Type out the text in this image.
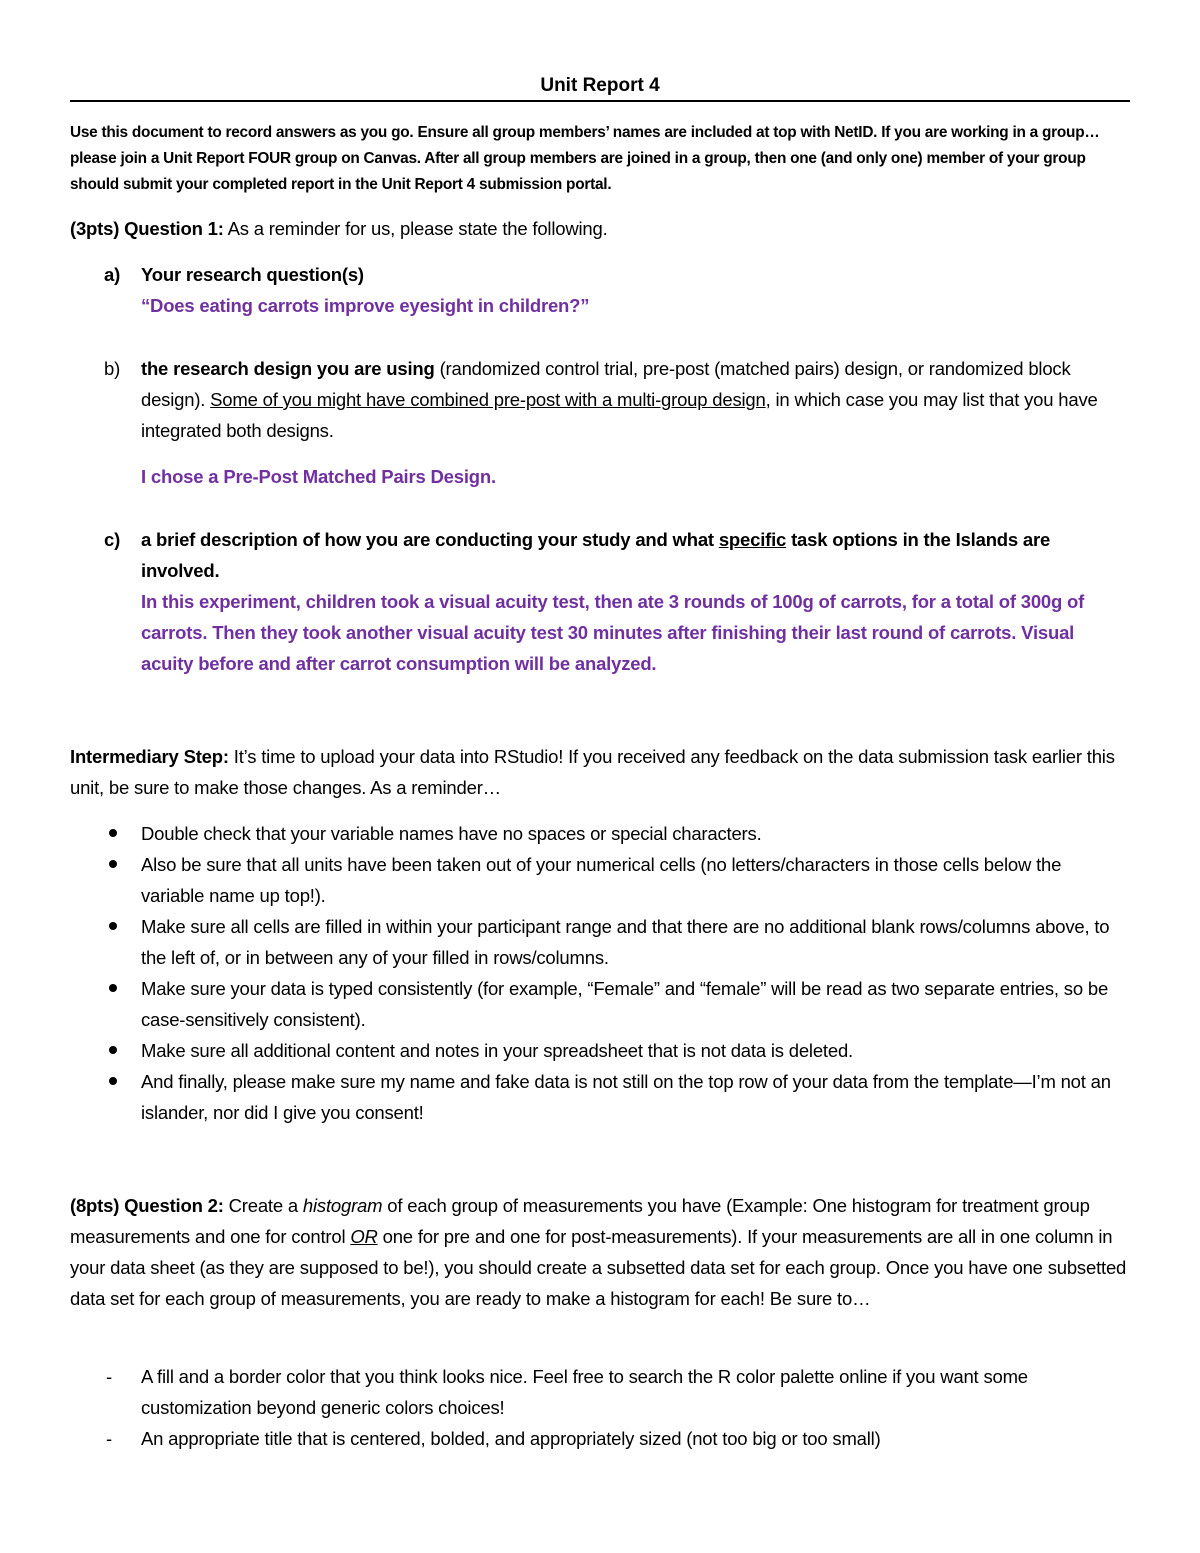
Unit Report 4
Use this document to record answers as you go. Ensure all group members’ names are included at top with NetID. If you are working in a group…please join a Unit Report FOUR group on Canvas. After all group members are joined in a group, then one (and only one) member of your group should submit your completed report in the Unit Report 4 submission portal.
(3pts) Question 1: As a reminder for us, please state the following.
a) Your research question(s)
“Does eating carrots improve eyesight in children?”
b) the research design you are using (randomized control trial, pre-post (matched pairs) design, or randomized block design). Some of you might have combined pre-post with a multi-group design, in which case you may list that you have integrated both designs.
I chose a Pre-Post Matched Pairs Design.
c) a brief description of how you are conducting your study and what specific task options in the Islands are involved.
In this experiment, children took a visual acuity test, then ate 3 rounds of 100g of carrots, for a total of 300g of carrots. Then they took another visual acuity test 30 minutes after finishing their last round of carrots. Visual acuity before and after carrot consumption will be analyzed.
Intermediary Step: It’s time to upload your data into RStudio! If you received any feedback on the data submission task earlier this unit, be sure to make those changes. As a reminder…
Double check that your variable names have no spaces or special characters.
Also be sure that all units have been taken out of your numerical cells (no letters/characters in those cells below the variable name up top!).
Make sure all cells are filled in within your participant range and that there are no additional blank rows/columns above, to the left of, or in between any of your filled in rows/columns.
Make sure your data is typed consistently (for example, “Female” and “female” will be read as two separate entries, so be case-sensitively consistent).
Make sure all additional content and notes in your spreadsheet that is not data is deleted.
And finally, please make sure my name and fake data is not still on the top row of your data from the template—I’m not an islander, nor did I give you consent!
(8pts) Question 2: Create a histogram of each group of measurements you have (Example: One histogram for treatment group measurements and one for control OR one for pre and one for post-measurements). If your measurements are all in one column in your data sheet (as they are supposed to be!), you should create a subsetted data set for each group. Once you have one subsetted data set for each group of measurements, you are ready to make a histogram for each! Be sure to…
- A fill and a border color that you think looks nice. Feel free to search the R color palette online if you want some customization beyond generic colors choices!
- An appropriate title that is centered, bolded, and appropriately sized (not too big or too small)
